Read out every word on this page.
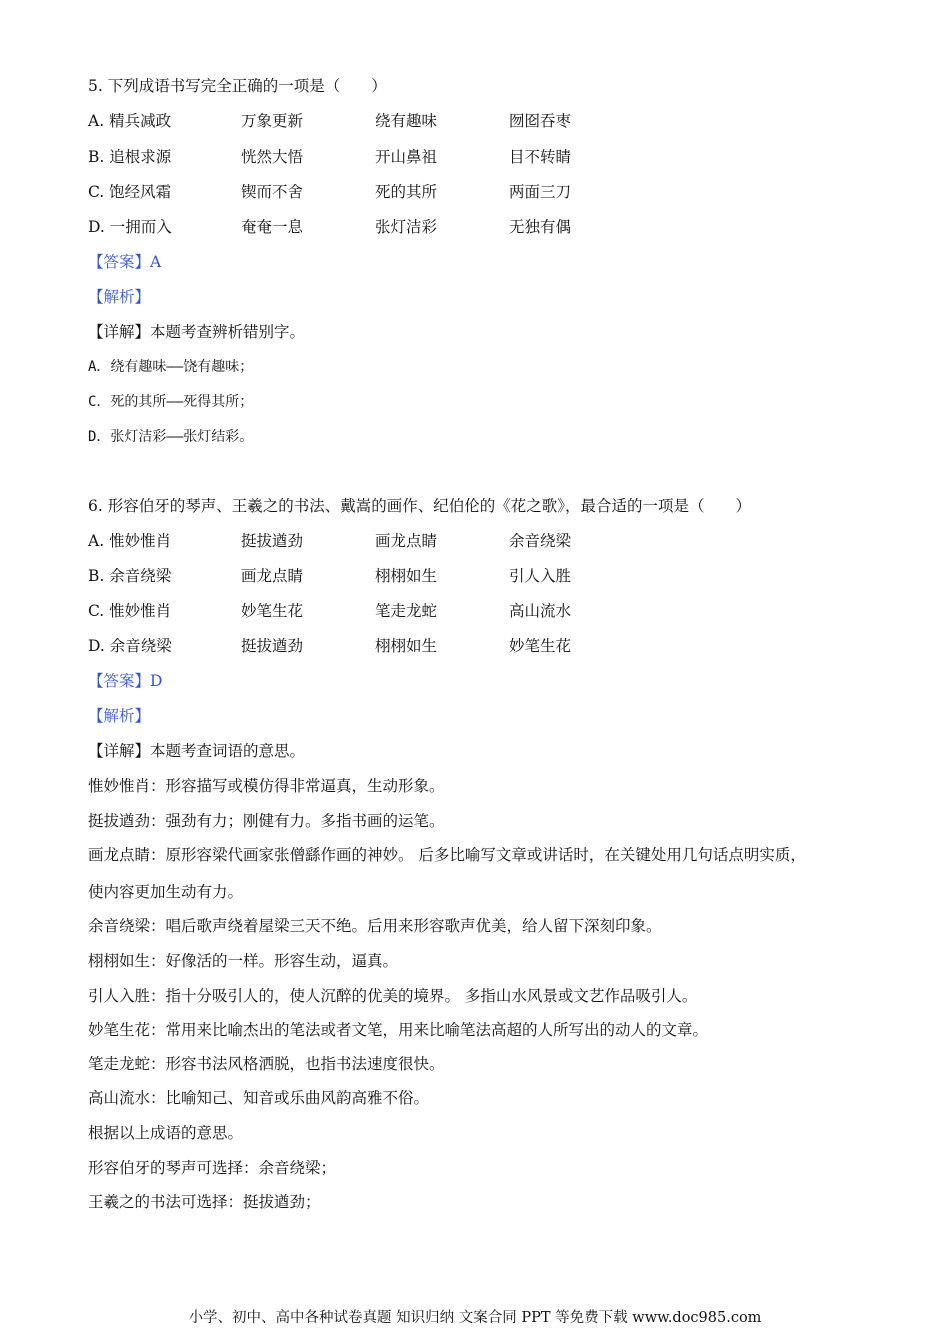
5. 下列成语书写完全正确的一项是（　　）
A. 精兵减政	万象更新	绕有趣味	囫囵吞枣
B. 追根求源	恍然大悟	开山鼻祖	目不转睛
C. 饱经风霜	锲而不舍	死的其所	两面三刀
D. 一拥而入	奄奄一息	张灯洁彩	无独有偶
【答案】A
【解析】
【详解】本题考查辨析错别字。
A．绕有趣味——饶有趣味；
C．死的其所——死得其所；
D．张灯洁彩——张灯结彩。
6. 形容伯牙的琴声、王羲之的书法、戴嵩的画作、纪伯伦的《花之歌》，最合适的一项是（　　）
A. 惟妙惟肖	挺拔遒劲	画龙点睛	余音绕梁
B. 余音绕梁	画龙点睛	栩栩如生	引人入胜
C. 惟妙惟肖	妙笔生花	笔走龙蛇	高山流水
D. 余音绕梁	挺拔遒劲	栩栩如生	妙笔生花
【答案】D
【解析】
【详解】本题考查词语的意思。
惟妙惟肖：形容描写或模仿得非常逼真，生动形象。
挺拔遒劲：强劲有力；刚健有力。多指书画的运笔。
画龙点睛：原形容梁代画家张僧繇作画的神妙。 后多比喻写文章或讲话时，在关键处用几句话点明实质，
使内容更加生动有力。
余音绕梁：唱后歌声绕着屋梁三天不绝。后用来形容歌声优美，给人留下深刻印象。
栩栩如生：好像活的一样。形容生动，逼真。
引人入胜：指十分吸引人的，使人沉醉的优美的境界。 多指山水风景或文艺作品吸引人。
妙笔生花：常用来比喻杰出的笔法或者文笔，用来比喻笔法高超的人所写出的动人的文章。
笔走龙蛇：形容书法风格洒脱，也指书法速度很快。
高山流水：比喻知己、知音或乐曲风韵高雅不俗。
根据以上成语的意思。
形容伯牙的琴声可选择：余音绕梁；
王羲之的书法可选择：挺拔遒劲；
小学、初中、高中各种试卷真题 知识归纳 文案合同 PPT 等免费下载 www.doc985.com
